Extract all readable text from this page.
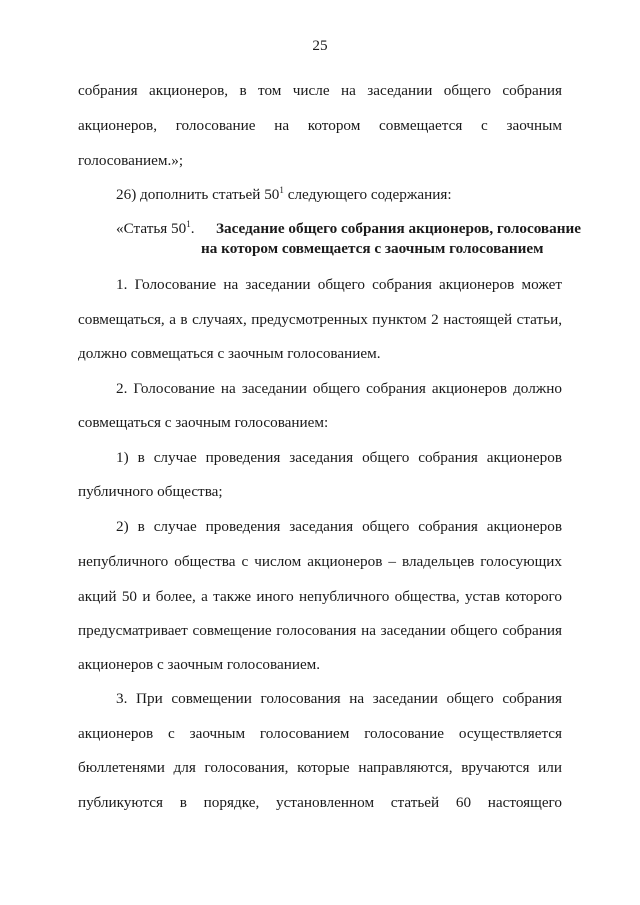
25
собрания акционеров, в том числе на заседании общего собрания
акционеров, голосование на котором совмещается с заочным
голосованием.»;
26) дополнить статьей $50^1$ следующего содержания:
«Статья $50^1$. Заседание общего собрания акционеров, голосование
на котором совмещается с заочным голосованием
1. Голосование на заседании общего собрания акционеров может
совмещаться, а в случаях, предусмотренных пунктом 2 настоящей статьи,
должно совмещаться с заочным голосованием.
2. Голосование на заседании общего собрания акционеров должно
совмещаться с заочным голосованием:
1) в случае проведения заседания общего собрания акционеров
публичного общества;
2) в случае проведения заседания общего собрания акционеров
непубличного общества с числом акционеров – владельцев голосующих
акций 50 и более, а также иного непубличного общества, устав которого
предусматривает совмещение голосования на заседании общего собрания
акционеров с заочным голосованием.
3. При совмещении голосования на заседании общего собрания
акционеров с заочным голосованием голосование осуществляется
бюллетенями для голосования, которые направляются, вручаются или
публикуются в порядке, установленном статьей 60 настоящего
